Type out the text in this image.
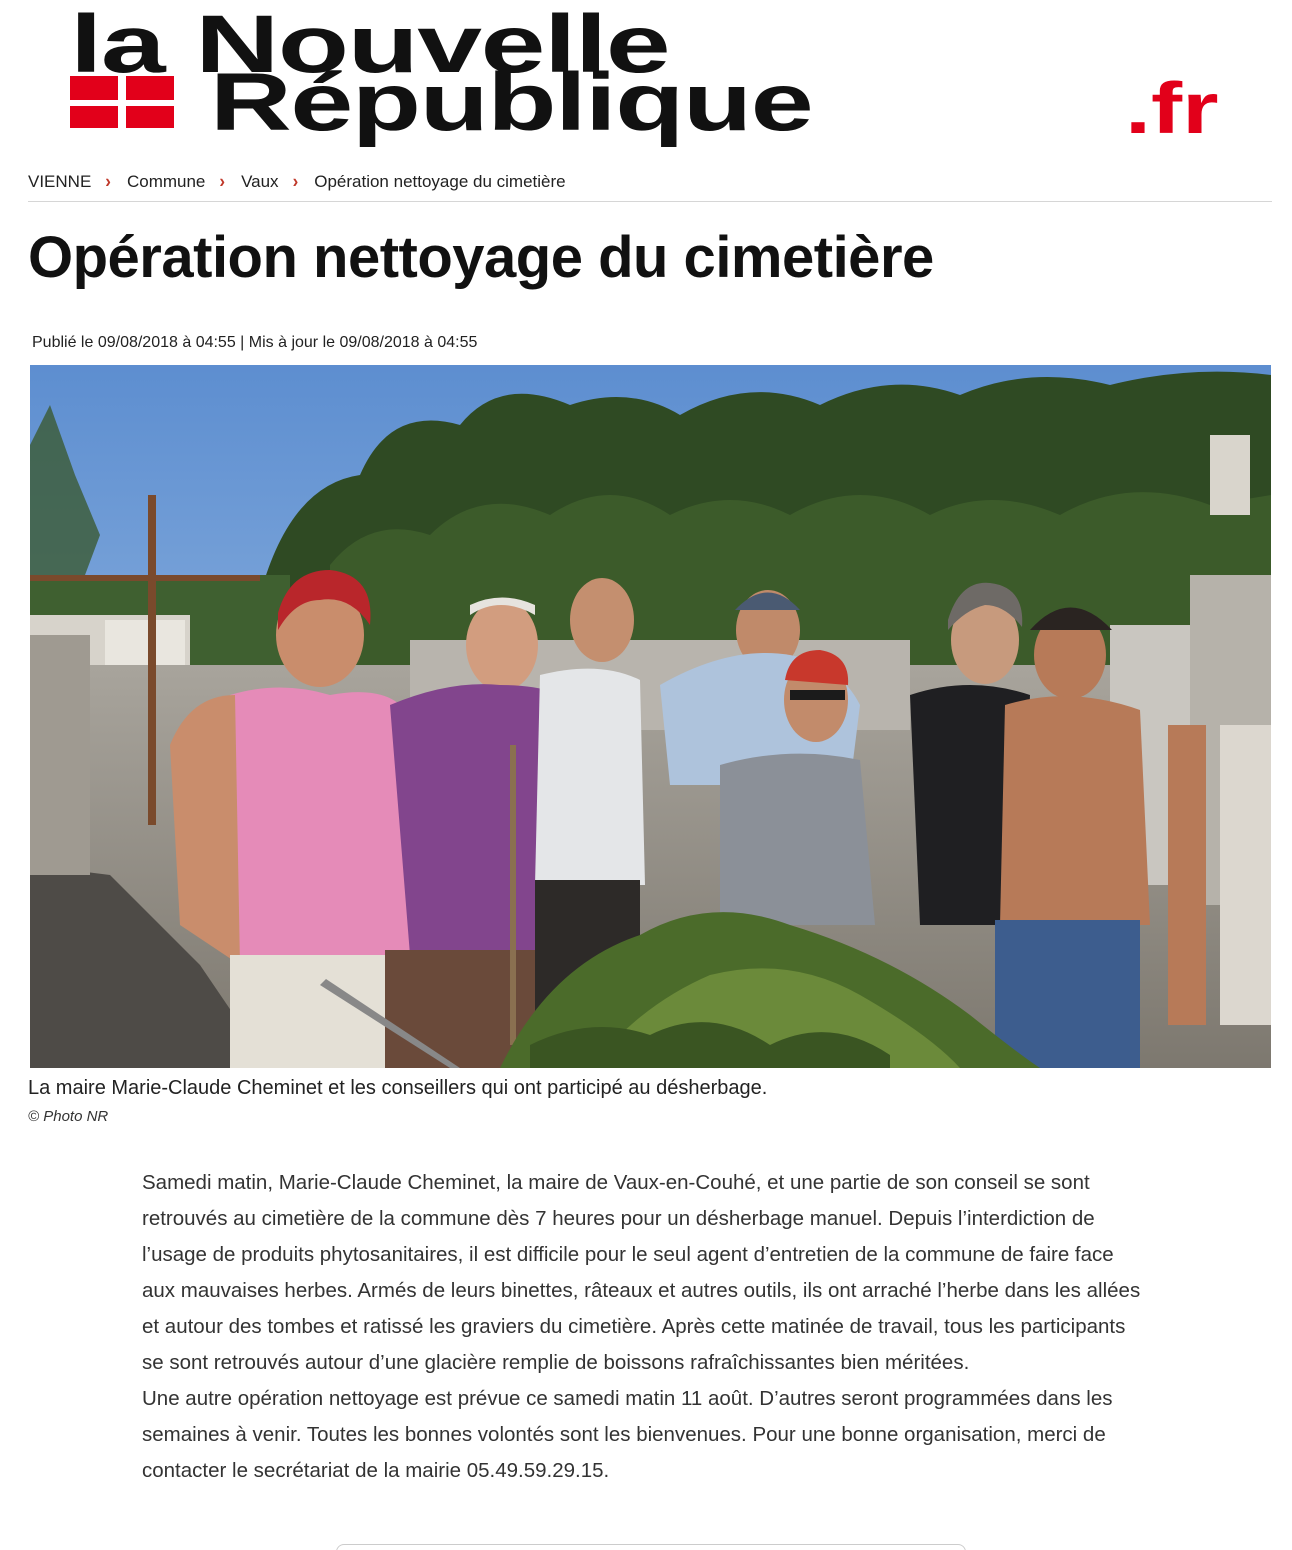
la Nouvelle
République	.fr
VIENNE › Commune › Vaux › Opération nettoyage du cimetière
Opération nettoyage du cimetière
Publié le 09/08/2018 à 04:55 | Mis à jour le 09/08/2018 à 04:55
La maire Marie-Claude Cheminet et les conseillers qui ont participé au désherbage.
© Photo NR

Samedi matin, Marie-Claude Cheminet, la maire de Vaux-en-Couhé, et une partie de son conseil se sont retrouvés au cimetière de la commune dès 7 heures pour un désherbage manuel. Depuis l’interdiction de l’usage de produits phytosanitaires, il est difficile pour le seul agent d’entretien de la commune de faire face aux mauvaises herbes. Armés de leurs binettes, râteaux et autres outils, ils ont arraché l’herbe dans les allées et autour des tombes et ratissé les graviers du cimetière. Après cette matinée de travail, tous les participants se sont retrouvés autour d’une glacière remplie de boissons rafraîchissantes bien méritées.

Une autre opération nettoyage est prévue ce samedi matin 11 août. D’autres seront programmées dans les semaines à venir. Toutes les bonnes volontés sont les bienvenues. Pour une bonne organisation, merci de contacter le secrétariat de la mairie 05.49.59.29.15.
